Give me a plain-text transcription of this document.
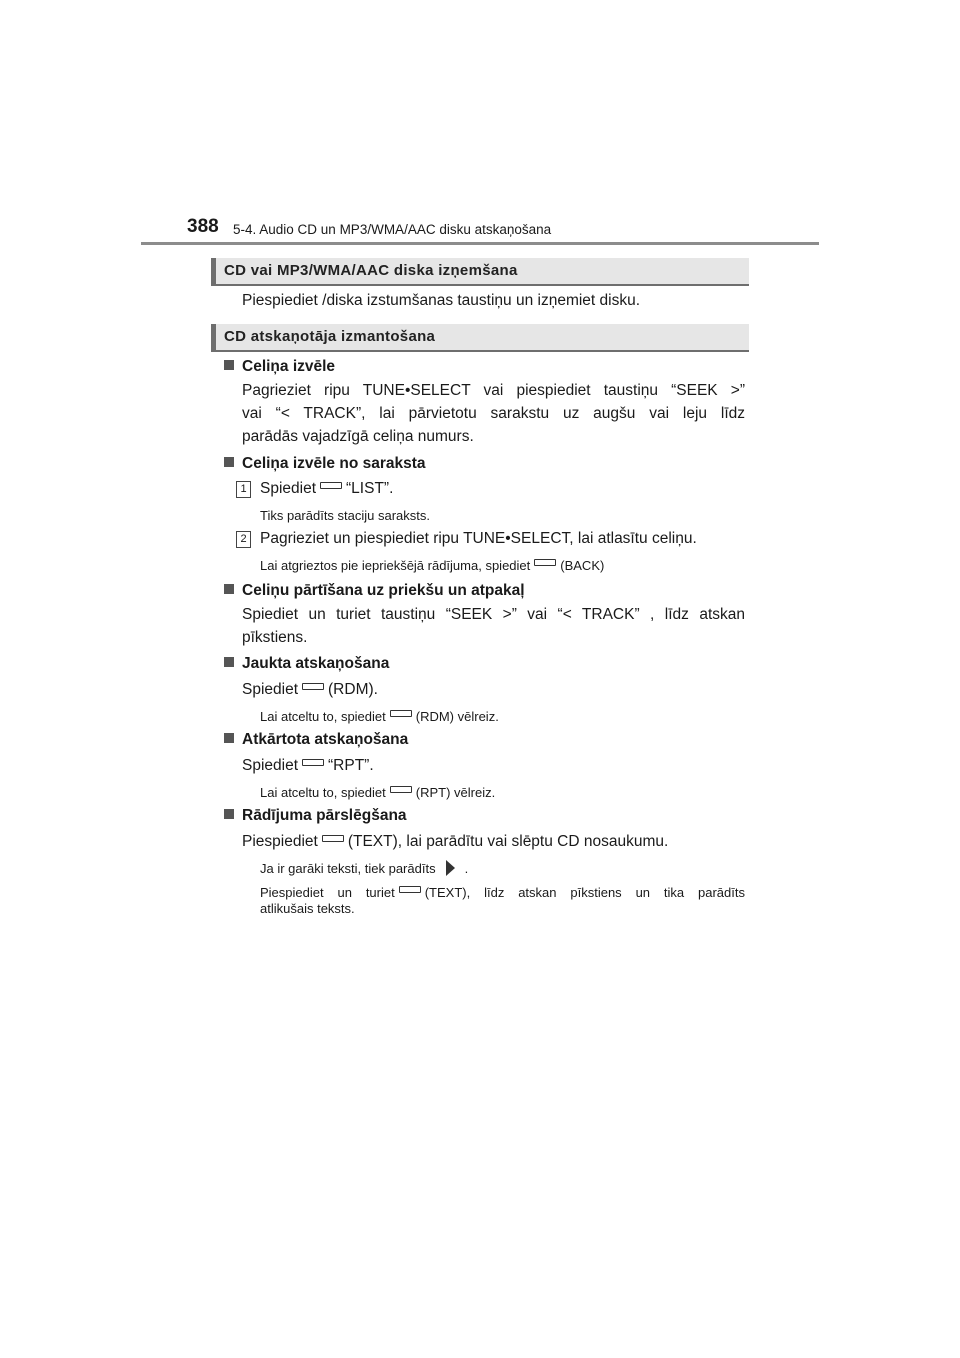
388 5-4. Audio CD un MP3/WMA/AAC disku atskaņošana
CD vai MP3/WMA/AAC diska izņemšana
Piespiediet /diska izstumšanas taustiņu un izņemiet disku.
CD atskaņotāja izmantošana
Celiņa izvēle
Pagrieziet ripu TUNE•SELECT vai piespiediet taustiņu “SEEK >”
vai “< TRACK”, lai pārvietotu sarakstu uz augšu vai leju līdz
parādās vajadzīgā celiņa numurs.
Celiņa izvēle no saraksta
1 Spiediet “LIST”.
Tiks parādīts staciju saraksts.
2 Pagrieziet un piespiediet ripu TUNE•SELECT, lai atlasītu celiņu.
Lai atgrieztos pie iepriekšējā rādījuma, spiediet (BACK)
Celiņu pārtīšana uz priekšu un atpakaļ
Spiediet un turiet taustiņu “SEEK >” vai “< TRACK” , līdz atskan
pīkstiens.
Jaukta atskaņošana
Spiediet (RDM).
Lai atceltu to, spiediet (RDM) vēlreiz.
Atkārtota atskaņošana
Spiediet “RPT”.
Lai atceltu to, spiediet (RPT) vēlreiz.
Rādījuma pārslēgšana
Piespiediet (TEXT), lai parādītu vai slēptu CD nosaukumu.
Ja ir garāki teksti, tiek parādīts .
Piespiediet un turiet (TEXT), līdz atskan pīkstiens un tika parādīts
atlikušais teksts.
